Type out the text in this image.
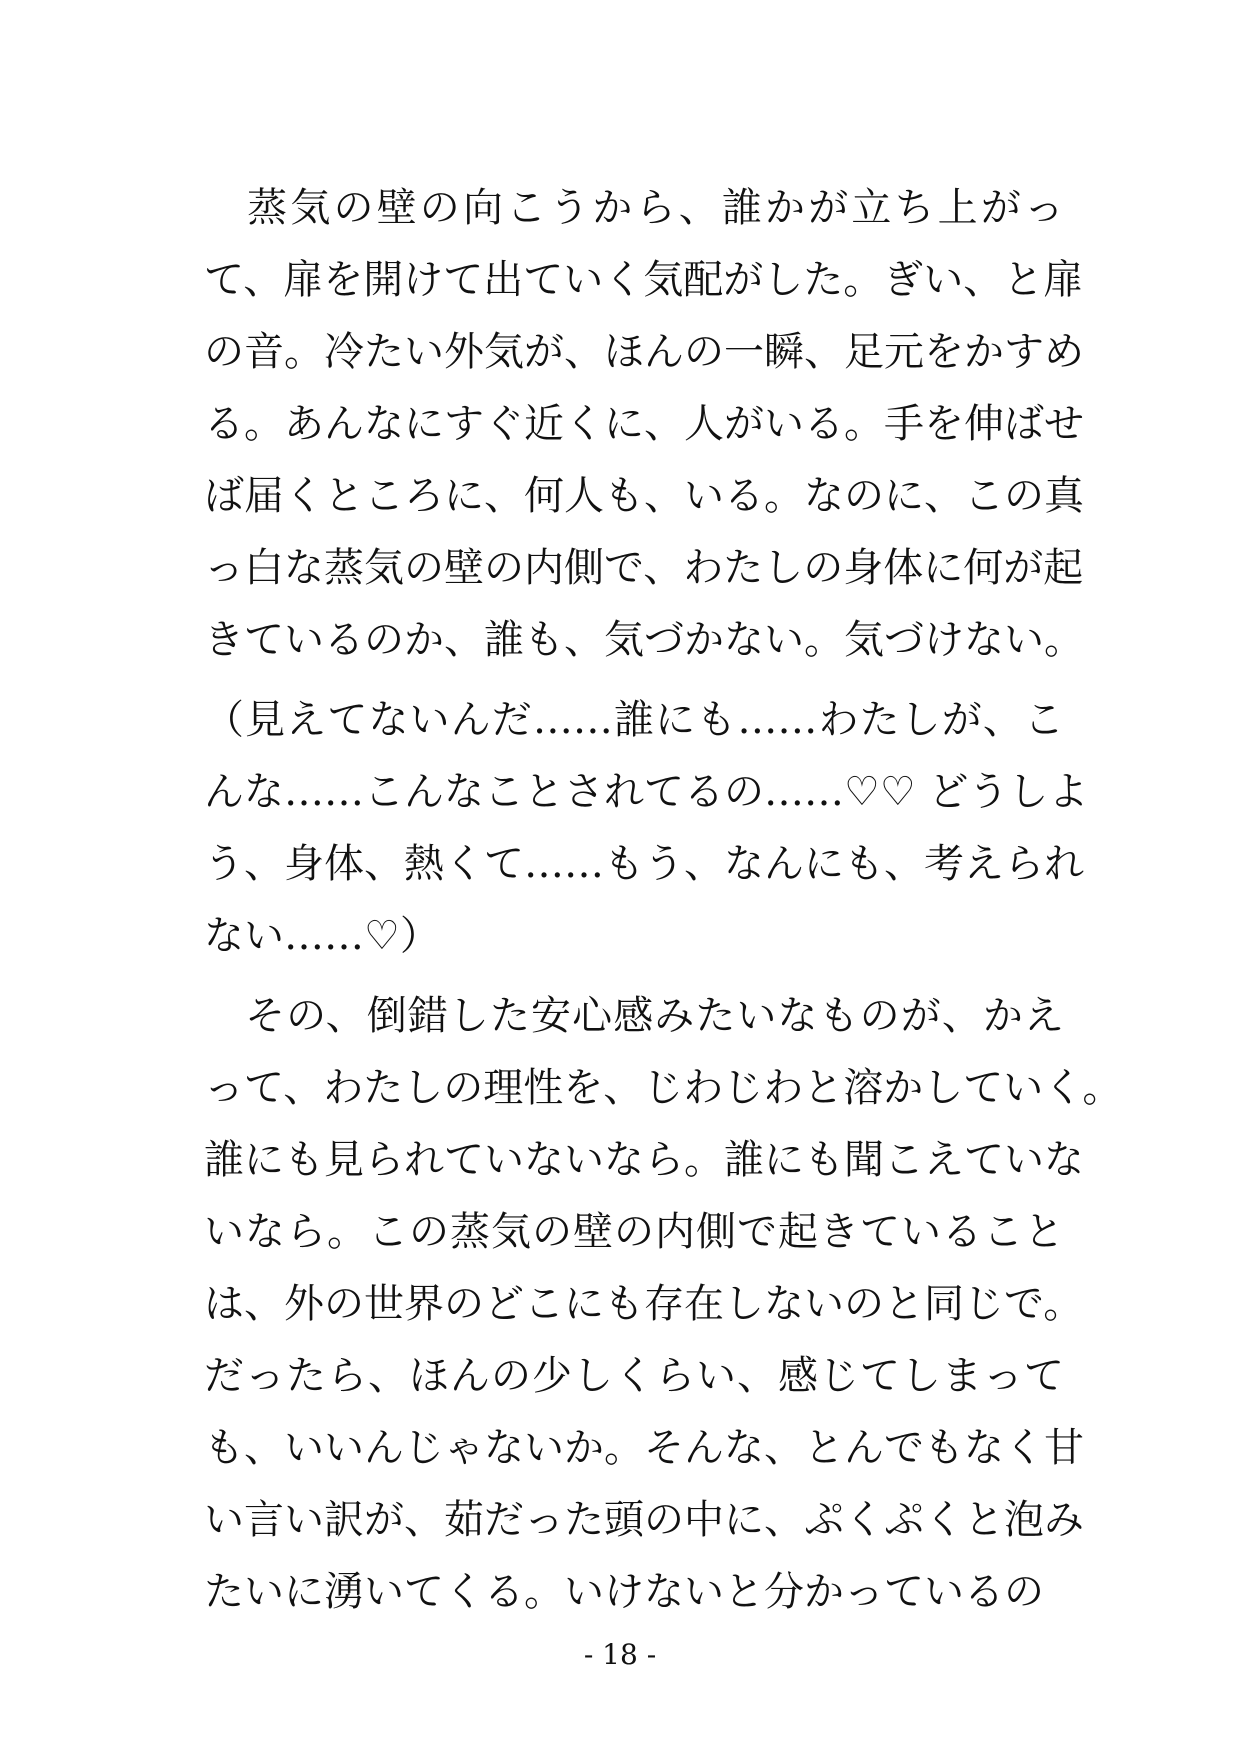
　蒸気の壁の向こうから、誰かが立ち上がっ
て、扉を開けて出ていく気配がした。ぎい、と扉
の音。冷たい外気が、ほんの一瞬、足元をかすめ
る。あんなにすぐ近くに、人がいる。手を伸ばせ
ば届くところに、何人も、いる。なのに、この真
っ白な蒸気の壁の内側で、わたしの身体に何が起
きているのか、誰も、気づかない。気づけない。
（見えてないんだ……誰にも……わたしが、こ
んな……こんなことされてるの……♡♡ どうしよ
う、身体、熱くて……もう、なんにも、考えられ
ない……♡）
　その、倒錯した安心感みたいなものが、かえ
って、わたしの理性を、じわじわと溶かしていく。
誰にも見られていないなら。誰にも聞こえていな
いなら。この蒸気の壁の内側で起きていること
は、外の世界のどこにも存在しないのと同じで。
だったら、ほんの少しくらい、感じてしまって
も、いいんじゃないか。そんな、とんでもなく甘
い言い訳が、茹だった頭の中に、ぷくぷくと泡み
たいに湧いてくる。いけないと分かっているの
- 18 -
